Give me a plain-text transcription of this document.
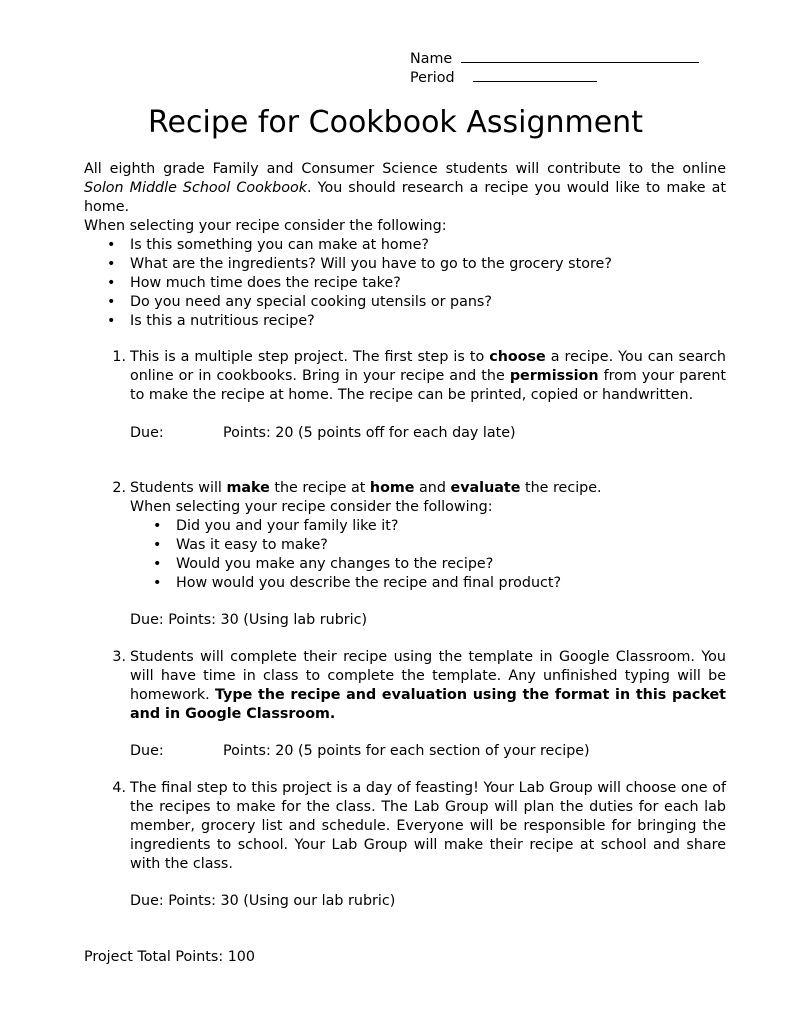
Name
Period
Recipe for Cookbook Assignment
All eighth grade Family and Consumer Science students will contribute to the online Solon Middle School Cookbook. You should research a recipe you would like to make at home.
When selecting your recipe consider the following:
• Is this something you can make at home?
• What are the ingredients? Will you have to go to the grocery store?
• How much time does the recipe take?
• Do you need any special cooking utensils or pans?
• Is this a nutritious recipe?
1. This is a multiple step project. The first step is to choose a recipe. You can search online or in cookbooks. Bring in your recipe and the permission from your parent to make the recipe at home. The recipe can be printed, copied or handwritten.
Due:	Points: 20 (5 points off for each day late)
2. Students will make the recipe at home and evaluate the recipe.
When selecting your recipe consider the following:
• Did you and your family like it?
• Was it easy to make?
• Would you make any changes to the recipe?
• How would you describe the recipe and final product?
Due: Points: 30 (Using lab rubric)
3. Students will complete their recipe using the template in Google Classroom. You will have time in class to complete the template. Any unfinished typing will be homework. Type the recipe and evaluation using the format in this packet and in Google Classroom.
Due:	Points: 20 (5 points for each section of your recipe)
4. The final step to this project is a day of feasting! Your Lab Group will choose one of the recipes to make for the class. The Lab Group will plan the duties for each lab member, grocery list and schedule. Everyone will be responsible for bringing the ingredients to school. Your Lab Group will make their recipe at school and share with the class.
Due: Points: 30 (Using our lab rubric)
Project Total Points: 100
